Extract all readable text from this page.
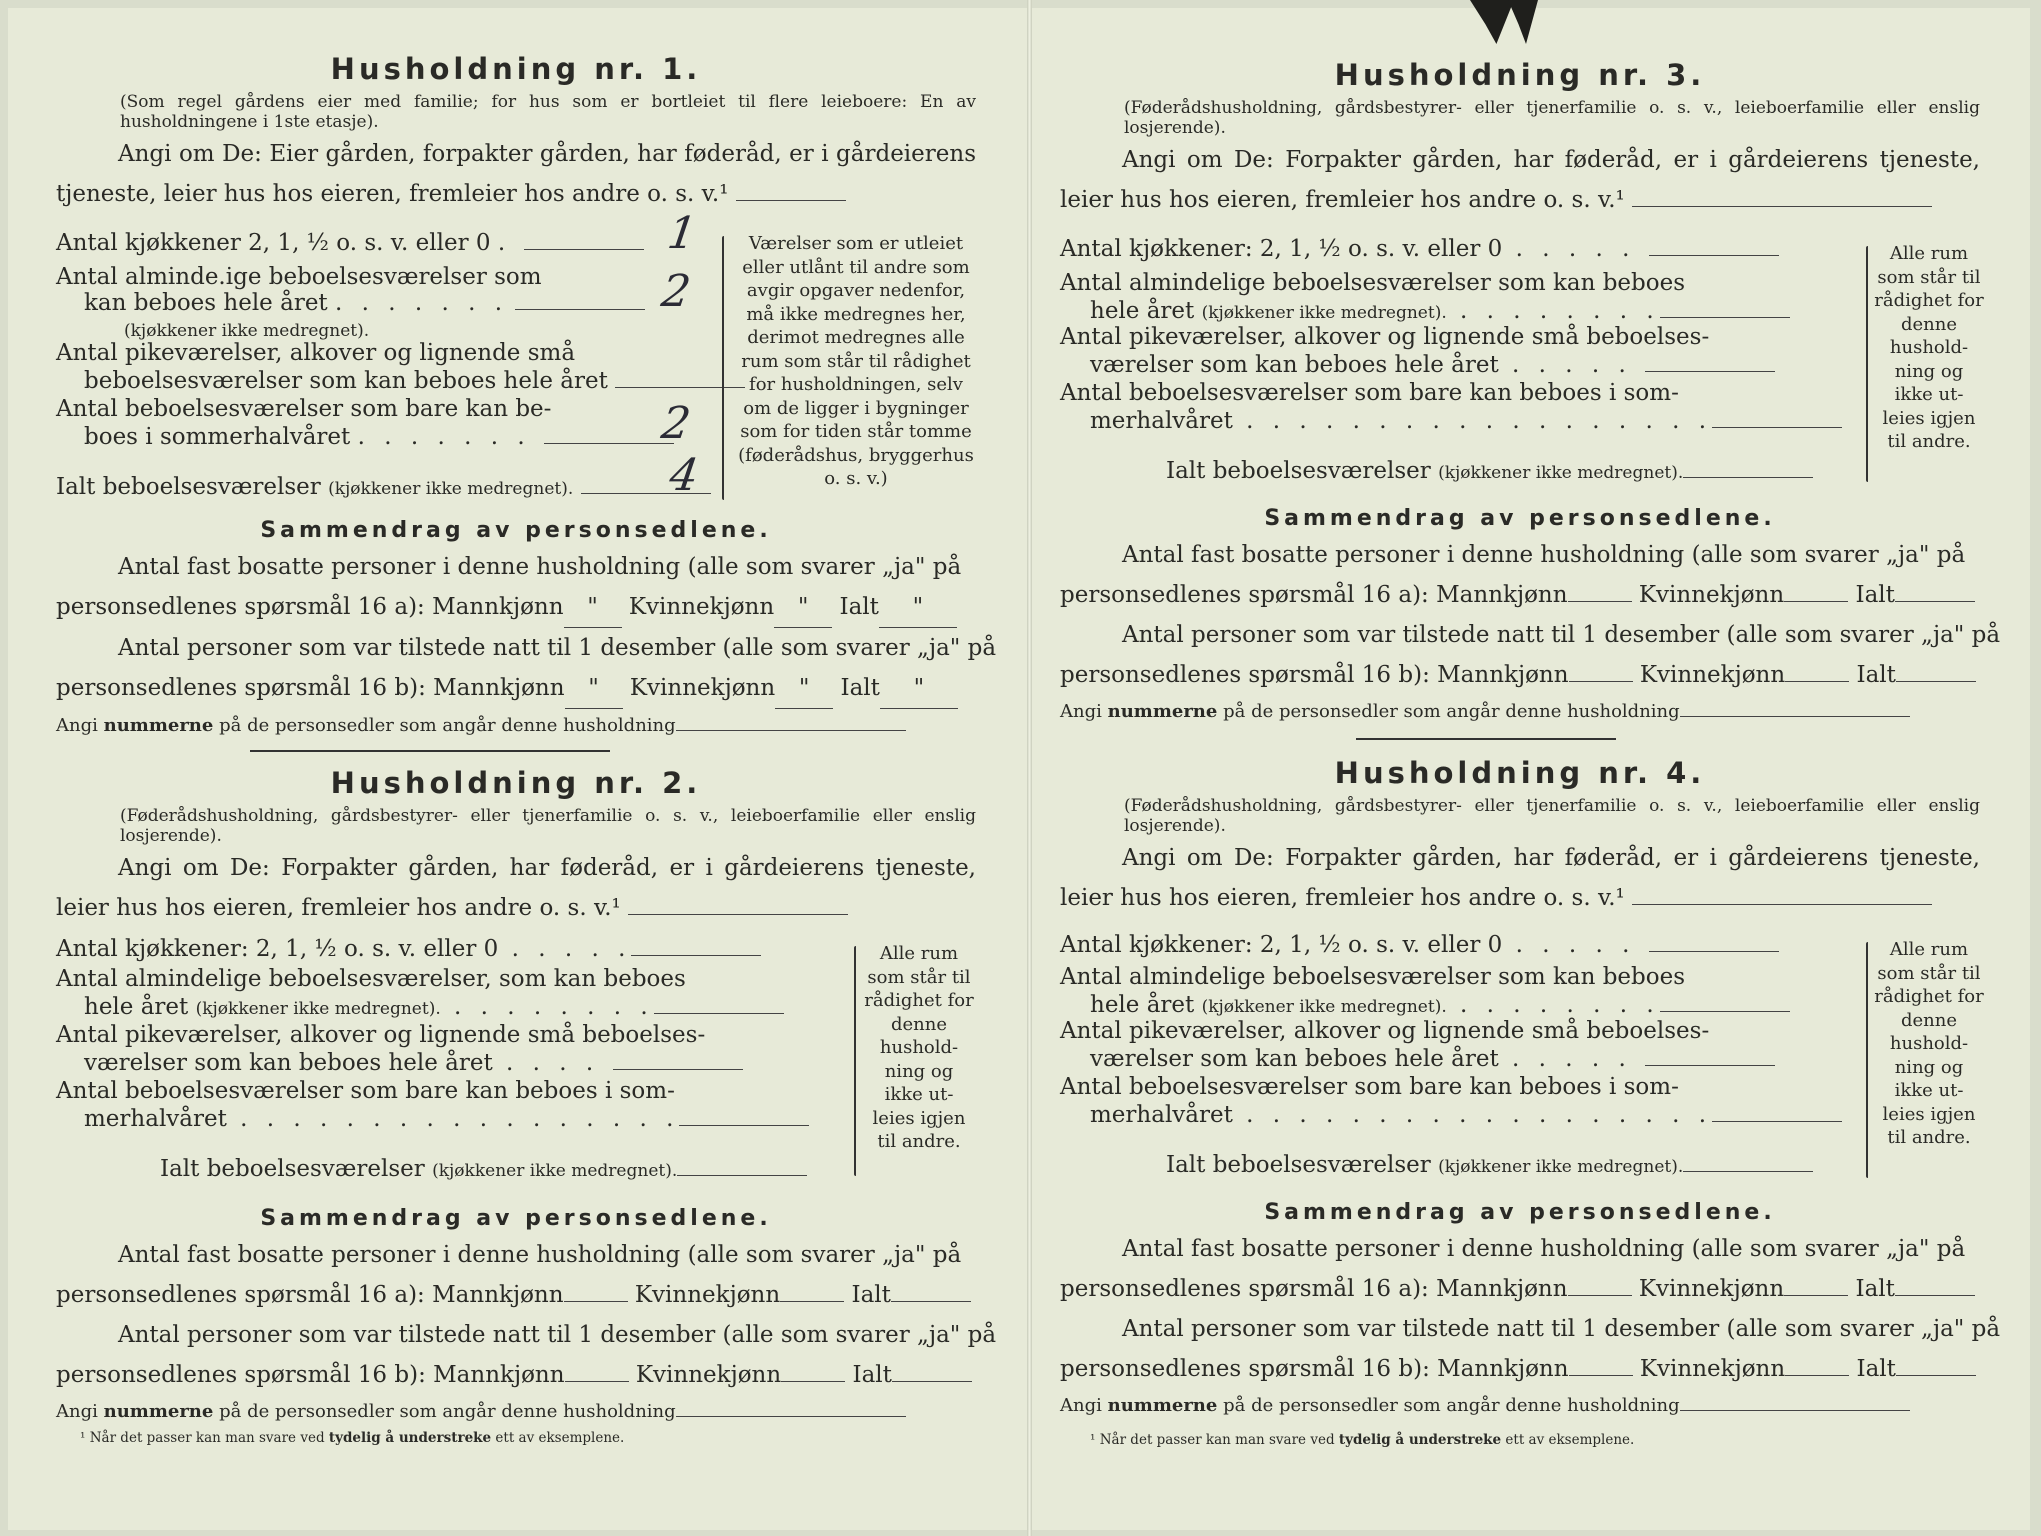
Husholdning nr. 1.
(Som regel gårdens eier med familie; for hus som er bortleiet til flere leieboere: En av husholdningene i 1ste etasje).
Angi om De: Eier gården, forpakter gården, har føderåd, er i gårdeierens tjeneste, leier hus hos eieren, fremleier hos andre o. s. v.¹
Antal kjøkkener 2, 1, ½ o. s. v. eller 0 .	1
Antal alminde.ige beboelsesværelser som
kan beboes hele året . . . . . . .	2
(kjøkkener ikke medregnet).
Antal pikeværelser, alkover og lignende små
beboelsesværelser som kan beboes hele året
Antal beboelsesværelser som bare kan be-
boes i sommerhalvåret . . . . . . .	2
Ialt beboelsesværelser (kjøkkener ikke medregnet).	4
Værelser som er utleiet eller utlånt til andre som avgir opgaver nedenfor, må ikke medregnes her, derimot medregnes alle rum som står til rådighet for husholdningen, selv om de ligger i bygninger som for tiden står tomme (føderådshus, bryggerhus o. s. v.)
Sammendrag av personsedlene.
Antal fast bosatte personer i denne husholdning (alle som svarer „ja" på
personsedlenes spørsmål 16 a): Mannkjønn " Kvinnekjønn " Ialt "
Antal personer som var tilstede natt til 1 desember (alle som svarer „ja" på
personsedlenes spørsmål 16 b): Mannkjønn " Kvinnekjønn " Ialt "
Angi nummerne på de personsedler som angår denne husholdning
Husholdning nr. 2.
(Føderådshusholdning, gårdsbestyrer- eller tjenerfamilie o. s. v., leieboerfamilie eller enslig losjerende).
Angi om De: Forpakter gården, har føderåd, er i gårdeierens tjeneste, leier hus hos eieren, fremleier hos andre o. s. v.¹
Antal kjøkkener: 2, 1, ½ o. s. v. eller 0 . . . . .
Antal almindelige beboelsesværelser, som kan beboes
hele året (kjøkkener ikke medregnet). . . . . . . . .
Antal pikeværelser, alkover og lignende små beboelses-
værelser som kan beboes hele året . . . .
Antal beboelsesværelser som bare kan beboes i som-
merhalvåret . . . . . . . . . . . . . . . . .
Ialt beboelsesværelser (kjøkkener ikke medregnet).
Alle rum som står til rådighet for denne hushold- ning og ikke ut- leies igjen til andre.
Sammendrag av personsedlene.
Antal fast bosatte personer i denne husholdning (alle som svarer „ja" på
personsedlenes spørsmål 16 a): Mannkjønn	Kvinnekjønn	Ialt
Antal personer som var tilstede natt til 1 desember (alle som svarer „ja" på
personsedlenes spørsmål 16 b): Mannkjønn	Kvinnekjønn	Ialt
Angi nummerne på de personsedler som angår denne husholdning
¹ Når det passer kan man svare ved tydelig å understreke ett av eksemplene.
Husholdning nr. 3.
(Føderådshusholdning, gårdsbestyrer- eller tjenerfamilie o. s. v., leieboerfamilie eller enslig losjerende).
Angi om De: Forpakter gården, har føderåd, er i gårdeierens tjeneste, leier hus hos eieren, fremleier hos andre o. s. v.¹
Antal kjøkkener: 2, 1, ½ o. s. v. eller 0 . . . . .
Antal almindelige beboelsesværelser som kan beboes
hele året (kjøkkener ikke medregnet). . . . . . . . .
Antal pikeværelser, alkover og lignende små beboelses-
værelser som kan beboes hele året . . . . .
Antal beboelsesværelser som bare kan beboes i som-
merhalvåret . . . . . . . . . . . . . . . . . .
Ialt beboelsesværelser (kjøkkener ikke medregnet).
Alle rum som står til rådighet for denne hushold- ning og ikke ut- leies igjen til andre.
Sammendrag av personsedlene.
Antal fast bosatte personer i denne husholdning (alle som svarer „ja" på
personsedlenes spørsmål 16 a): Mannkjønn	Kvinnekjønn	Ialt
Antal personer som var tilstede natt til 1 desember (alle som svarer „ja" på
personsedlenes spørsmål 16 b): Mannkjønn	Kvinnekjønn	Ialt
Angi nummerne på de personsedler som angår denne husholdning
Husholdning nr. 4.
(Føderådshusholdning, gårdsbestyrer- eller tjenerfamilie o. s. v., leieboerfamilie eller enslig losjerende).
Angi om De: Forpakter gården, har føderåd, er i gårdeierens tjeneste, leier hus hos eieren, fremleier hos andre o. s. v.¹
Antal kjøkkener: 2, 1, ½ o. s. v. eller 0 . . . . .
Antal almindelige beboelsesværelser som kan beboes
hele året (kjøkkener ikke medregnet). . . . . . . . .
Antal pikeværelser, alkover og lignende små beboelses-
værelser som kan beboes hele året . . . . .
Antal beboelsesværelser som bare kan beboes i som-
merhalvåret . . . . . . . . . . . . . . . . . .
Ialt beboelsesværelser (kjøkkener ikke medregnet).
Alle rum som står til rådighet for denne hushold- ning og ikke ut- leies igjen til andre.
Sammendrag av personsedlene.
Antal fast bosatte personer i denne husholdning (alle som svarer „ja" på
personsedlenes spørsmål 16 a): Mannkjønn	Kvinnekjønn	Ialt
Antal personer som var tilstede natt til 1 desember (alle som svarer „ja" på
personsedlenes spørsmål 16 b): Mannkjønn	Kvinnekjønn	Ialt
Angi nummerne på de personsedler som angår denne husholdning
¹ Når det passer kan man svare ved tydelig å understreke ett av eksemplene.
